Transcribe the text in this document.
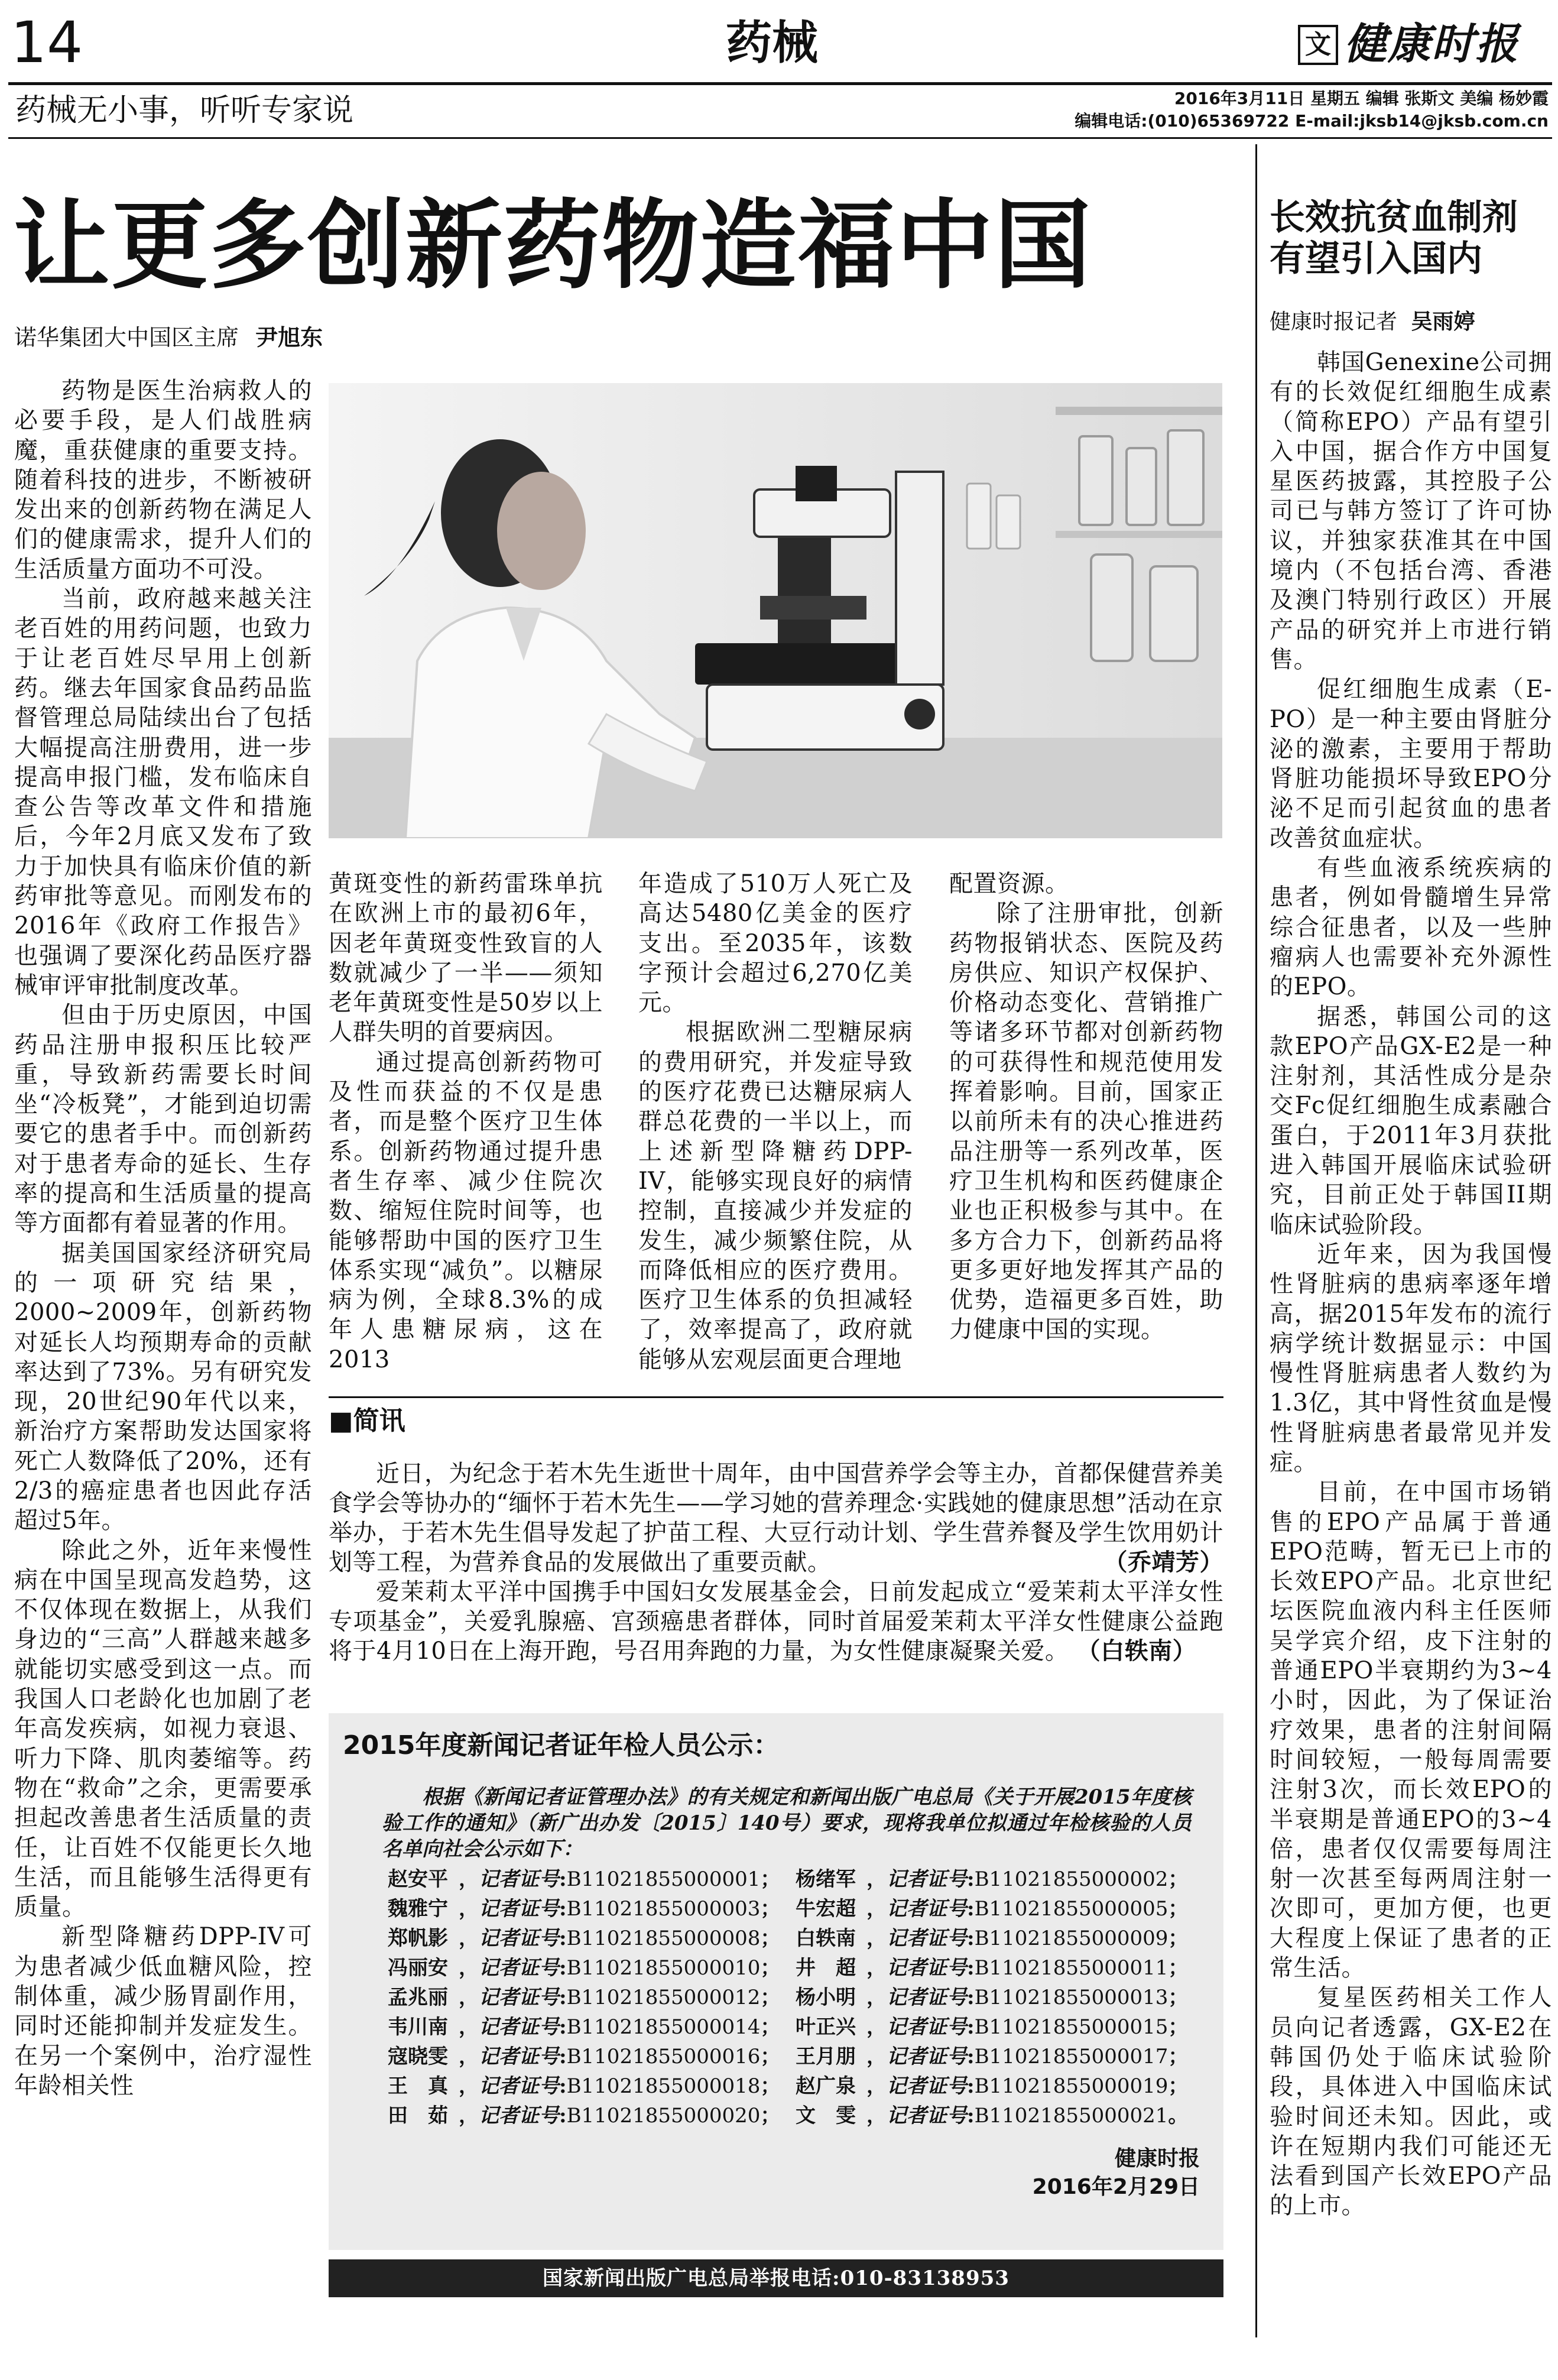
14	药械	文 健康时报
药械无小事，听听专家说	2016年3月11日 星期五 编辑 张斯文 美编 杨妙霞
编辑电话:(010)65369722 E-mail:jksb14@jksb.com.cn
让更多创新药物造福中国
诺华集团大中国区主席 尹旭东

药物是医生治病救人的必要手段，是人们战胜病魔，重获健康的重要支持。随着科技的进步，不断被研发出来的创新药物在满足人们的健康需求，提升人们的生活质量方面功不可没。

当前，政府越来越关注老百姓的用药问题，也致力于让老百姓尽早用上创新药。继去年国家食品药品监督管理总局陆续出台了包括大幅提高注册费用，进一步提高申报门槛，发布临床自查公告等改革文件和措施后，今年2月底又发布了致力于加快具有临床价值的新药审批等意见。而刚发布的2016年《政府工作报告》也强调了要深化药品医疗器械审评审批制度改革。

但由于历史原因，中国药品注册申报积压比较严重，导致新药需要长时间坐“冷板凳”，才能到迫切需要它的患者手中。而创新药对于患者寿命的延长、生存率的提高和生活质量的提高等方面都有着显著的作用。

据美国国家经济研究局的一项研究结果，2000~2009年，创新药物对延长人均预期寿命的贡献率达到了73%。另有研究发现，20世纪90年代以来，新治疗方案帮助发达国家将死亡人数降低了20%，还有2/3的癌症患者也因此存活超过5年。

除此之外，近年来慢性病在中国呈现高发趋势，这不仅体现在数据上，从我们身边的“三高”人群越来越多就能切实感受到这一点。而我国人口老龄化也加剧了老年高发疾病，如视力衰退、听力下降、肌肉萎缩等。药物在“救命”之余，更需要承担起改善患者生活质量的责任，让百姓不仅能更长久地生活，而且能够生活得更有质量。

新型降糖药DPP-IV可为患者减少低血糖风险，控制体重，减少肠胃副作用，同时还能抑制并发症发生。在另一个案例中，治疗湿性年龄相关性

黄斑变性的新药雷珠单抗在欧洲上市的最初6年，因老年黄斑变性致盲的人数就减少了一半——须知老年黄斑变性是50岁以上人群失明的首要病因。

通过提高创新药物可及性而获益的不仅是患者，而是整个医疗卫生体系。创新药物通过提升患者生存率、减少住院次数、缩短住院时间等，也能够帮助中国的医疗卫生体系实现“减负”。以糖尿病为例，全球8.3%的成年人患糖尿病，这在2013

年造成了510万人死亡及高达5480亿美金的医疗支出。至2035年，该数字预计会超过6,270亿美元。

根据欧洲二型糖尿病的费用研究，并发症导致的医疗花费已达糖尿病人群总花费的一半以上，而上述新型降糖药DPP-IV，能够实现良好的病情控制，直接减少并发症的发生，减少频繁住院，从而降低相应的医疗费用。医疗卫生体系的负担减轻了，效率提高了，政府就能够从宏观层面更合理地

配置资源。

除了注册审批，创新药物报销状态、医院及药房供应、知识产权保护、价格动态变化、营销推广等诸多环节都对创新药物的可获得性和规范使用发挥着影响。目前，国家正以前所未有的决心推进药品注册等一系列改革，医疗卫生机构和医药健康企业也正积极参与其中。在多方合力下，创新药品将更多更好地发挥其产品的优势，造福更多百姓，助力健康中国的实现。

■简讯

近日，为纪念于若木先生逝世十周年，由中国营养学会等主办，首都保健营养美食学会等协办的“缅怀于若木先生——学习她的营养理念·实践她的健康思想”活动在京举办，于若木先生倡导发起了护苗工程、大豆行动计划、学生营养餐及学生饮用奶计划等工程，为营养食品的发展做出了重要贡献。	（乔靖芳）

爱茉莉太平洋中国携手中国妇女发展基金会，日前发起成立“爱茉莉太平洋女性专项基金”，关爱乳腺癌、宫颈癌患者群体，同时首届爱茉莉太平洋女性健康公益跑将于4月10日在上海开跑，号召用奔跑的力量，为女性健康凝聚关爱。 （白轶南）

2015年度新闻记者证年检人员公示：
根据《新闻记者证管理办法》的有关规定和新闻出版广电总局《关于开展2015年度核验工作的通知》（新广出办发〔2015〕140号）要求，现将我单位拟通过年检核验的人员名单向社会公示如下：
赵安平 ，记者证号:B11021855000001； 杨绪军 ，记者证号:B11021855000002；
魏雅宁 ，记者证号:B11021855000003； 牛宏超 ，记者证号:B11021855000005；
郑帆影 ，记者证号:B11021855000008； 白轶南 ，记者证号:B11021855000009；
冯丽安 ，记者证号:B11021855000010； 井　超 ，记者证号:B11021855000011；
孟兆丽 ，记者证号:B11021855000012； 杨小明 ，记者证号:B11021855000013；
韦川南 ，记者证号:B11021855000014； 叶正兴 ，记者证号:B11021855000015；
寇晓雯 ，记者证号:B11021855000016； 王月朋 ，记者证号:B11021855000017；
王　真 ，记者证号:B11021855000018； 赵广泉 ，记者证号:B11021855000019；
田　茹 ，记者证号:B11021855000020； 文　雯 ，记者证号:B11021855000021。
健康时报
2016年2月29日
国家新闻出版广电总局举报电话:010-83138953
长效抗贫血制剂
有望引入国内
健康时报记者 吴雨婷

韩国Genexine公司拥有的长效促红细胞生成素（简称EPO）产品有望引入中国，据合作方中国复星医药披露，其控股子公司已与韩方签订了许可协议，并独家获准其在中国境内（不包括台湾、香港及澳门特别行政区）开展产品的研究并上市进行销售。

促红细胞生成素（E-PO）是一种主要由肾脏分泌的激素，主要用于帮助肾脏功能损坏导致EPO分泌不足而引起贫血的患者改善贫血症状。

有些血液系统疾病的患者，例如骨髓增生异常综合征患者，以及一些肿瘤病人也需要补充外源性的EPO。

据悉，韩国公司的这款EPO产品GX-E2是一种注射剂，其活性成分是杂交Fc促红细胞生成素融合蛋白，于2011年3月获批进入韩国开展临床试验研究，目前正处于韩国II期临床试验阶段。

近年来，因为我国慢性肾脏病的患病率逐年增高，据2015年发布的流行病学统计数据显示：中国慢性肾脏病患者人数约为1.3亿，其中肾性贫血是慢性肾脏病患者最常见并发症。

目前，在中国市场销售的EPO产品属于普通EPO范畴，暂无已上市的长效EPO产品。北京世纪坛医院血液内科主任医师吴学宾介绍，皮下注射的普通EPO半衰期约为3~4小时，因此，为了保证治疗效果，患者的注射间隔时间较短，一般每周需要注射3次，而长效EPO的半衰期是普通EPO的3~4倍，患者仅仅需要每周注射一次甚至每两周注射一次即可，更加方便，也更大程度上保证了患者的正常生活。

复星医药相关工作人员向记者透露，GX-E2在韩国仍处于临床试验阶段，具体进入中国临床试验时间还未知。因此，或许在短期内我们可能还无法看到国产长效EPO产品的上市。
